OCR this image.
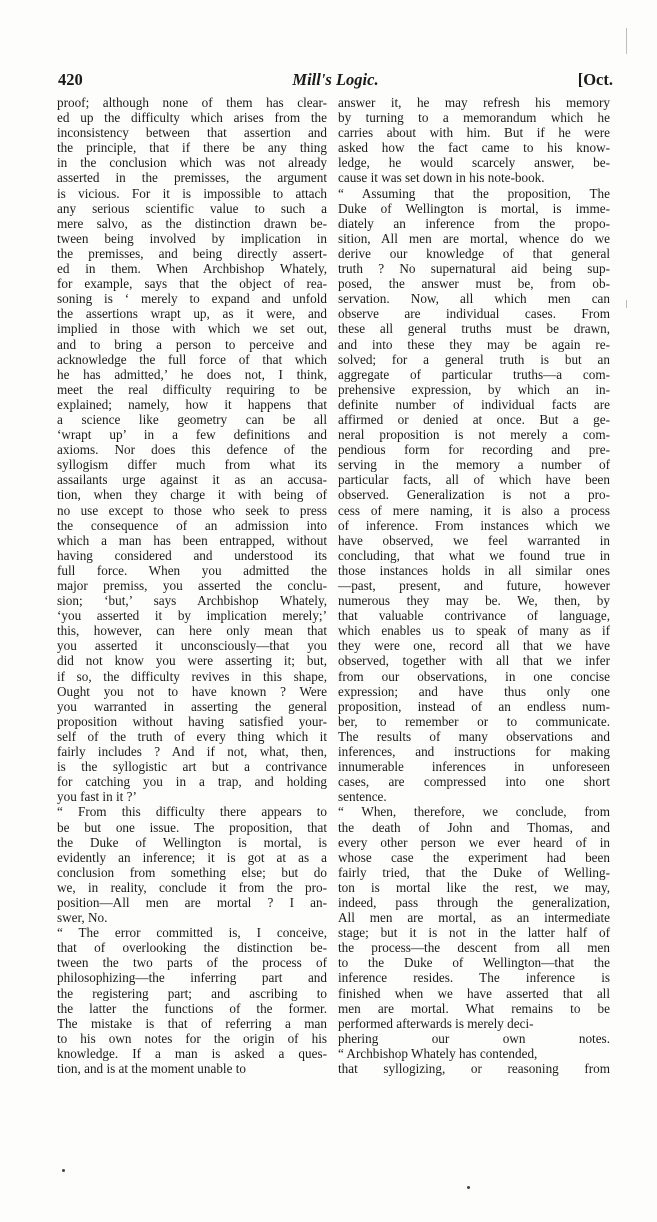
420	Mill's Logic.	[Oct.
proof; although none of them has clear-
ed up the difficulty which arises from the
inconsistency between that assertion and
the principle, that if there be any thing
in the conclusion which was not already
asserted in the premisses, the argument
is vicious. For it is impossible to attach
any serious scientific value to such a
mere salvo, as the distinction drawn be-
tween being involved by implication in
the premisses, and being directly assert-
ed in them. When Archbishop Whately,
for example, says that the object of rea-
soning is ‘ merely to expand and unfold
the assertions wrapt up, as it were, and
implied in those with which we set out,
and to bring a person to perceive and
acknowledge the full force of that which
he has admitted,’ he does not, I think,
meet the real difficulty requiring to be
explained; namely, how it happens that
a science like geometry can be all
‘wrapt up’ in a few definitions and
axioms. Nor does this defence of the
syllogism differ much from what its
assailants urge against it as an accusa-
tion, when they charge it with being of
no use except to those who seek to press
the consequence of an admission into
which a man has been entrapped, without
having considered and understood its
full force. When you admitted the
major premiss, you asserted the conclu-
sion; ‘but,’ says Archbishop Whately,
‘you asserted it by implication merely;’
this, however, can here only mean that
you asserted it unconsciously—that you
did not know you were asserting it; but,
if so, the difficulty revives in this shape,
Ought you not to have known ? Were
you warranted in asserting the general
proposition without having satisfied your-
self of the truth of every thing which it
fairly includes ? And if not, what, then,
is the syllogistic art but a contrivance
for catching you in a trap, and holding
you fast in it ?’
“ From this difficulty there appears to
be but one issue. The proposition, that
the Duke of Wellington is mortal, is
evidently an inference; it is got at as a
conclusion from something else; but do
we, in reality, conclude it from the pro-
position—All men are mortal ? I an-
swer, No.
“ The error committed is, I conceive,
that of overlooking the distinction be-
tween the two parts of the process of
philosophizing—the inferring part and
the registering part; and ascribing to
the latter the functions of the former.
The mistake is that of referring a man
to his own notes for the origin of his
knowledge. If a man is asked a ques-
tion, and is at the moment unable to
answer it, he may refresh his memory
by turning to a memorandum which he
carries about with him. But if he were
asked how the fact came to his know-
ledge, he would scarcely answer, be-
cause it was set down in his note-book.
“ Assuming that the proposition, The
Duke of Wellington is mortal, is imme-
diately an inference from the propo-
sition, All men are mortal, whence do we
derive our knowledge of that general
truth ? No supernatural aid being sup-
posed, the answer must be, from ob-
servation. Now, all which men can
observe are individual cases. From
these all general truths must be drawn,
and into these they may be again re-
solved; for a general truth is but an
aggregate of particular truths—a com-
prehensive expression, by which an in-
definite number of individual facts are
affirmed or denied at once. But a ge-
neral proposition is not merely a com-
pendious form for recording and pre-
serving in the memory a number of
particular facts, all of which have been
observed. Generalization is not a pro-
cess of mere naming, it is also a process
of inference. From instances which we
have observed, we feel warranted in
concluding, that what we found true in
those instances holds in all similar ones
—past, present, and future, however
numerous they may be. We, then, by
that valuable contrivance of language,
which enables us to speak of many as if
they were one, record all that we have
observed, together with all that we infer
from our observations, in one concise
expression; and have thus only one
proposition, instead of an endless num-
ber, to remember or to communicate.
The results of many observations and
inferences, and instructions for making
innumerable inferences in unforeseen
cases, are compressed into one short
sentence.
“ When, therefore, we conclude, from
the death of John and Thomas, and
every other person we ever heard of in
whose case the experiment had been
fairly tried, that the Duke of Welling-
ton is mortal like the rest, we may,
indeed, pass through the generalization,
All men are mortal, as an intermediate
stage; but it is not in the latter half of
the process—the descent from all men
to the Duke of Wellington—that the
inference resides. The inference is
finished when we have asserted that all
men are mortal. What remains to be
performed afterwards is merely deci-
phering our own notes.
“ Archbishop Whately has contended,
that syllogizing, or reasoning from
